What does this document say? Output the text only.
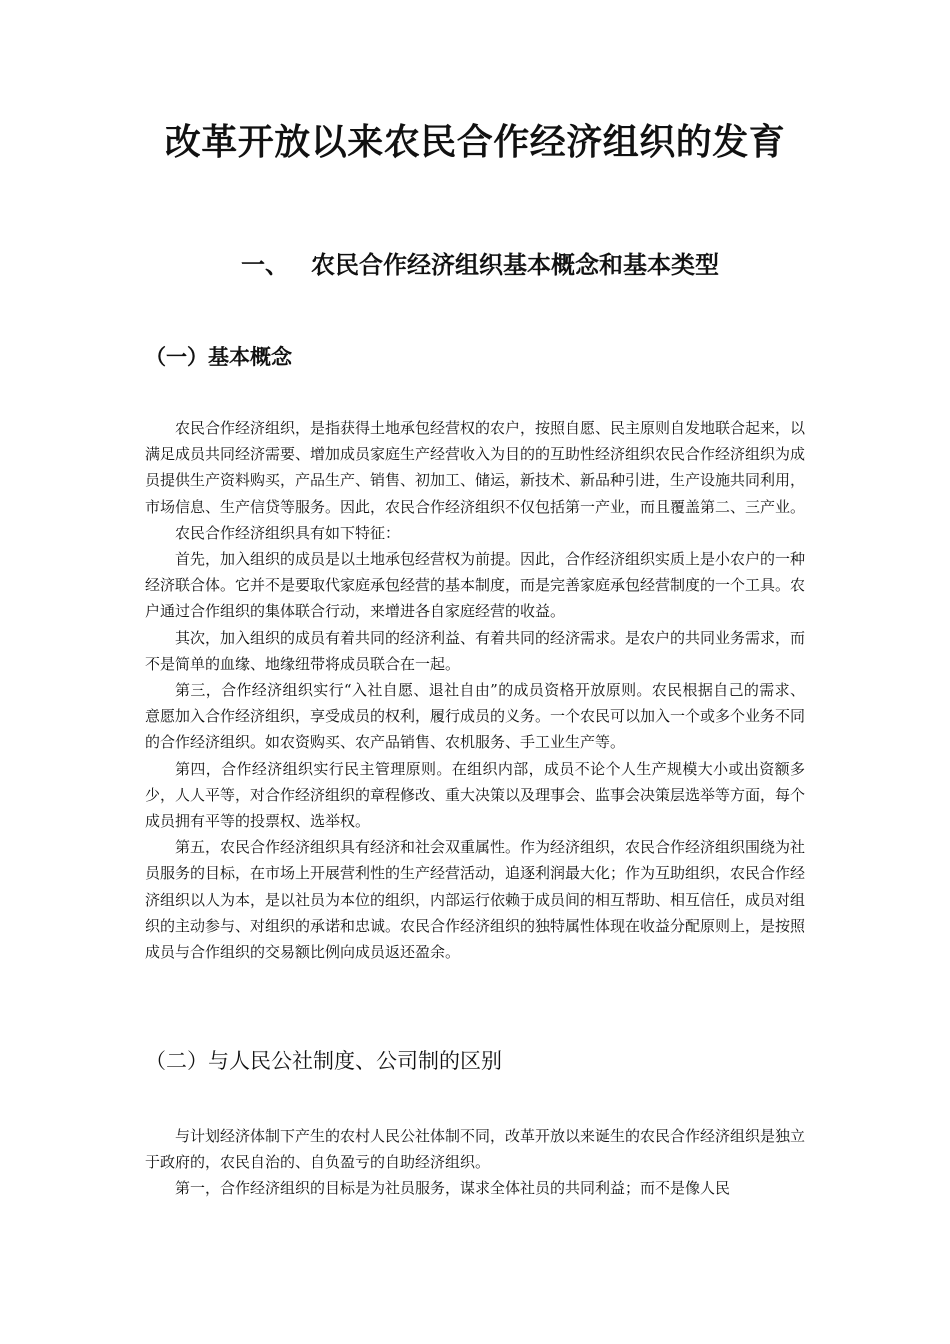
改革开放以来农民合作经济组织的发育
一、 农民合作经济组织基本概念和基本类型
（一）基本概念

农民合作经济组织，是指获得土地承包经营权的农户，按照自愿、民主原则自发地联合起来，以满足成员共同经济需要、增加成员家庭生产经营收入为目的的互助性经济组织农民合作经济组织为成员提供生产资料购买，产品生产、销售、初加工、储运，新技术、新品种引进，生产设施共同利用，市场信息、生产信贷等服务。因此，农民合作经济组织不仅包括第一产业，而且覆盖第二、三产业。

农民合作经济组织具有如下特征：

首先，加入组织的成员是以土地承包经营权为前提。因此，合作经济组织实质上是小农户的一种经济联合体。它并不是要取代家庭承包经营的基本制度，而是完善家庭承包经营制度的一个工具。农户通过合作组织的集体联合行动，来增进各自家庭经营的收益。

其次，加入组织的成员有着共同的经济利益、有着共同的经济需求。是农户的共同业务需求，而不是简单的血缘、地缘纽带将成员联合在一起。

第三，合作经济组织实行“入社自愿、退社自由”的成员资格开放原则。农民根据自己的需求、意愿加入合作经济组织，享受成员的权利，履行成员的义务。一个农民可以加入一个或多个业务不同的合作经济组织。如农资购买、农产品销售、农机服务、手工业生产等。

第四，合作经济组织实行民主管理原则。在组织内部，成员不论个人生产规模大小或出资额多少，人人平等，对合作经济组织的章程修改、重大决策以及理事会、监事会决策层选举等方面，每个成员拥有平等的投票权、选举权。

第五，农民合作经济组织具有经济和社会双重属性。作为经济组织，农民合作经济组织围绕为社员服务的目标，在市场上开展营利性的生产经营活动，追逐利润最大化；作为互助组织，农民合作经济组织以人为本，是以社员为本位的组织，内部运行依赖于成员间的相互帮助、相互信任，成员对组织的主动参与、对组织的承诺和忠诚。农民合作经济组织的独特属性体现在收益分配原则上，是按照成员与合作组织的交易额比例向成员返还盈余。

（二）与人民公社制度、公司制的区别

与计划经济体制下产生的农村人民公社体制不同，改革开放以来诞生的农民合作经济组织是独立于政府的，农民自治的、自负盈亏的自助经济组织。

第一，合作经济组织的目标是为社员服务，谋求全体社员的共同利益；而不是像人民
